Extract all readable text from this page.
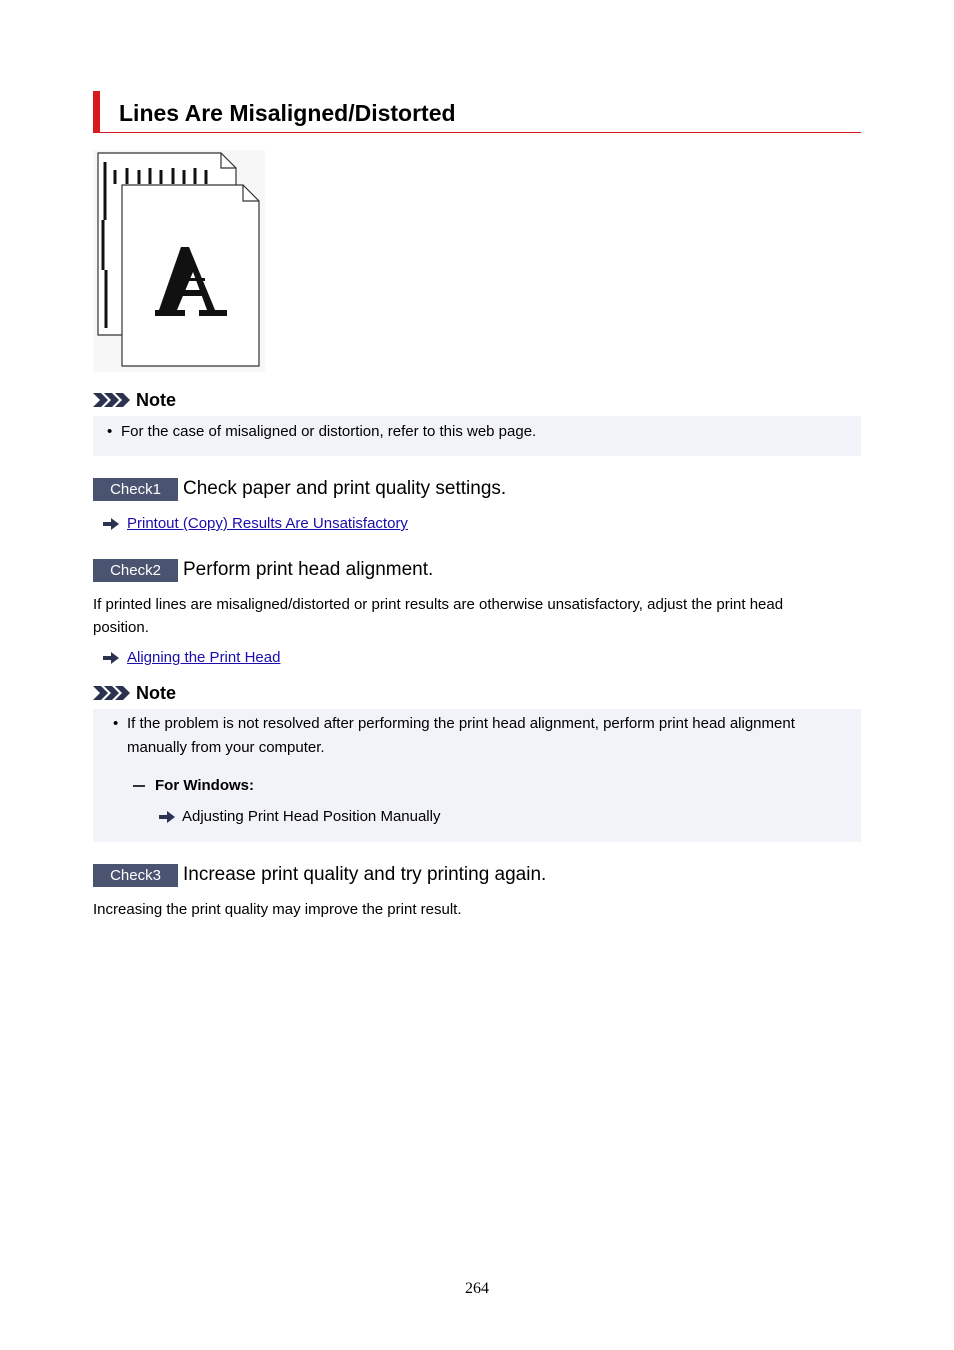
Lines Are Misaligned/Distorted
Note
• For the case of misaligned or distortion, refer to this web page.
Check1	Check paper and print quality settings.
Printout (Copy) Results Are Unsatisfactory
Check2	Perform print head alignment.
If printed lines are misaligned/distorted or print results are otherwise unsatisfactory, adjust the print head
position.
Aligning the Print Head
Note
• If the problem is not resolved after performing the print head alignment, perform print head alignment
manually from your computer.
For Windows:
Adjusting Print Head Position Manually
Check3	Increase print quality and try printing again.
Increasing the print quality may improve the print result.
264
